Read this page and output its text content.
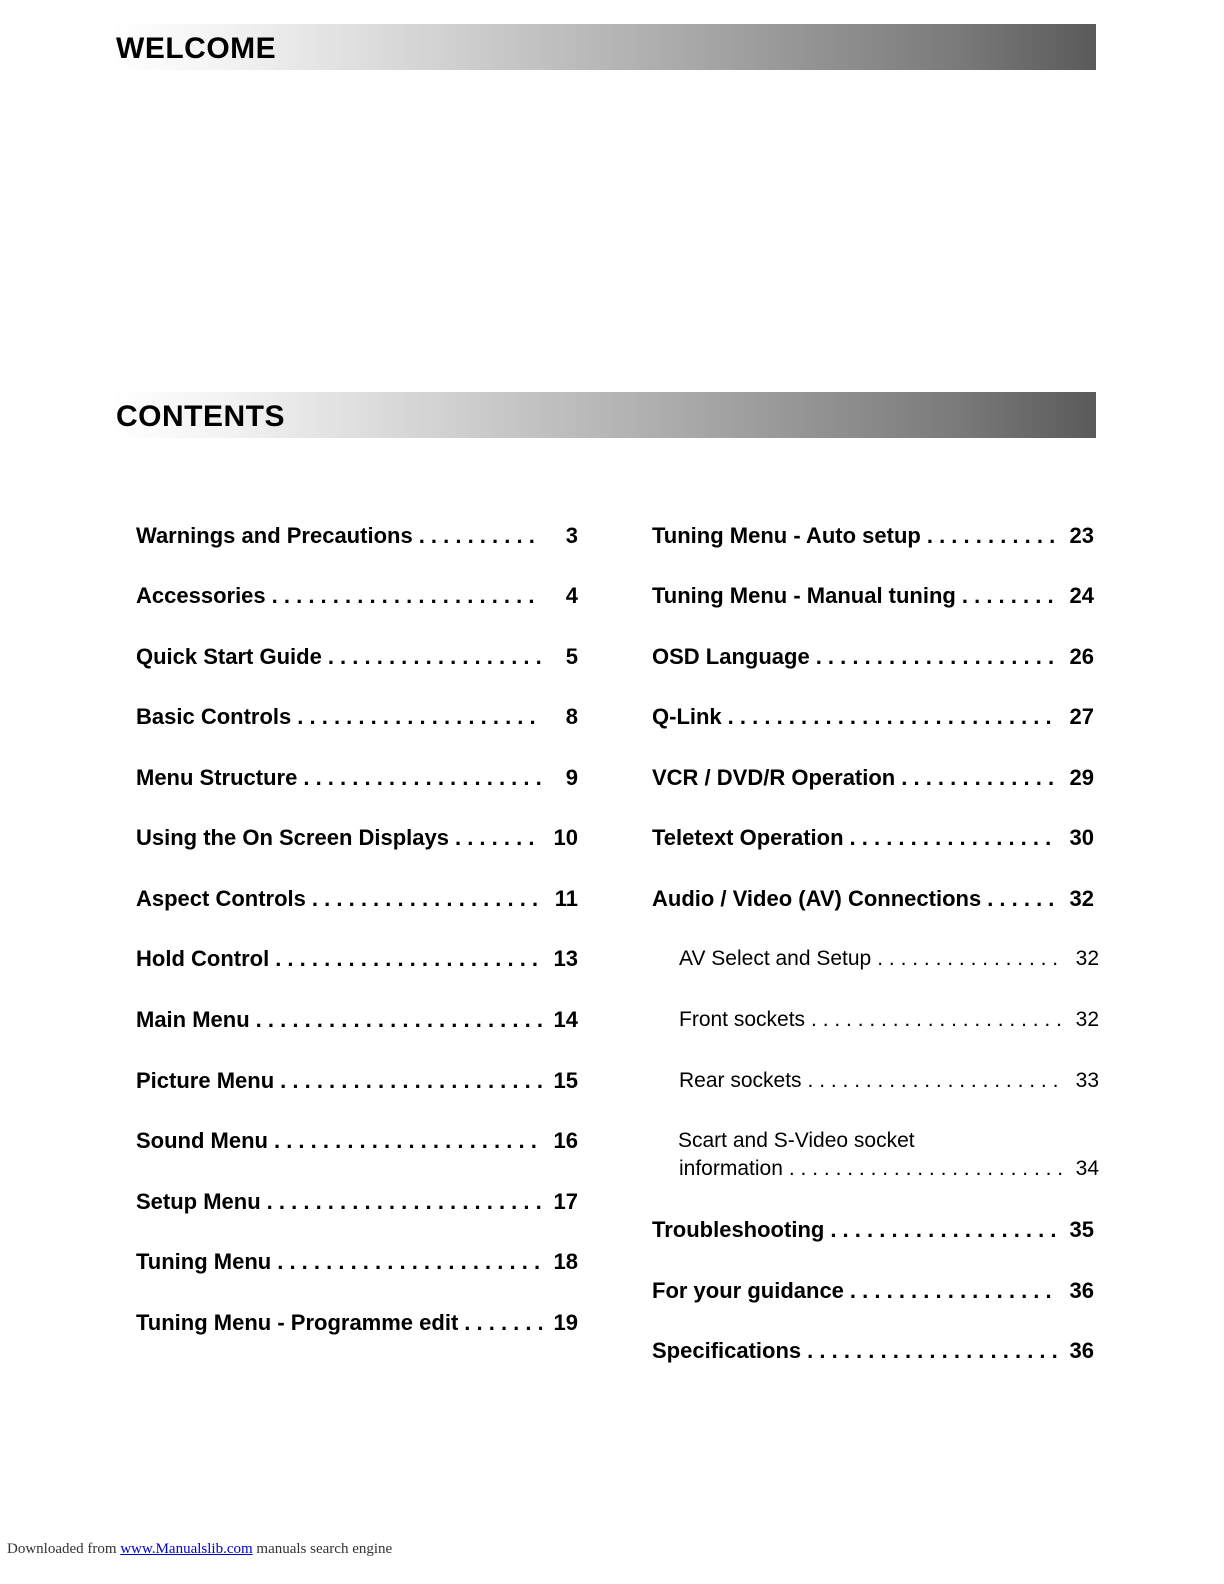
WELCOME
CONTENTS
Warnings and Precautions . . .	3
Accessories . . .	4
Quick Start Guide . . .	5
Basic Controls . . .	8
Menu Structure . . .	9
Using the On Screen Displays . . .	10
Aspect Controls . . .	11
Hold Control . . .	13
Main Menu . . .	14
Picture Menu . . .	15
Sound Menu . . .	16
Setup Menu . . .	17
Tuning Menu . . .	18
Tuning Menu - Programme edit . . .	19
Tuning Menu - Auto setup . . .	23
Tuning Menu - Manual tuning . . .	24
OSD Language . . .	26
Q-Link . . .	27
VCR / DVD/R Operation . . .	29
Teletext Operation . . .	30
Audio / Video (AV) Connections . . .	32
AV Select and Setup . . .	32
Front sockets . . .	32
Rear sockets . . .	33
Scart and S-Video socket
information . . .	34
Troubleshooting . . .	35
For your guidance . . .	36
Specifications . . .	36
Downloaded from www.Manualslib.com manuals search engine
